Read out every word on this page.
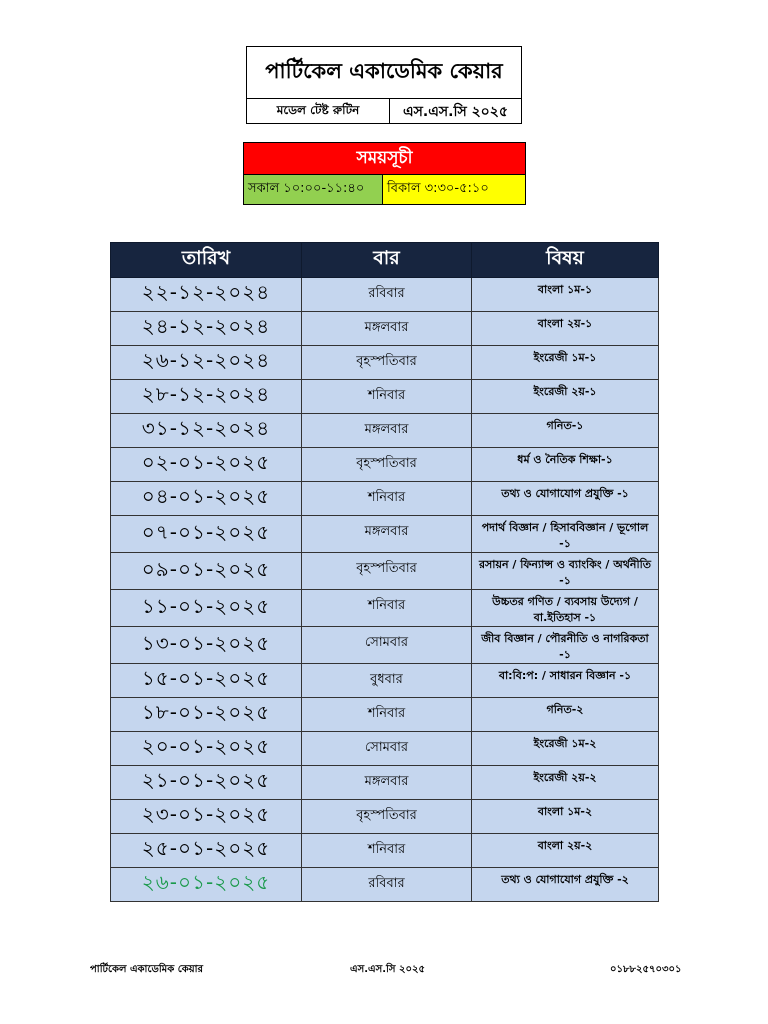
পার্টিকেল একাডেমিক কেয়ার
মডেল টেষ্ট রুটিন	এস.এস.সি ২০২৫
সময়সূচী
সকাল ১০:০০-১১:৪০	বিকাল ৩:৩০-৫:১০
তারিখ	বার	বিষয়
২২-১২-২০২৪	রবিবার	বাংলা ১ম-১
২৪-১২-২০২৪	মঙ্গলবার	বাংলা ২য়-১
২৬-১২-২০২৪	বৃহস্পতিবার	ইংরেজী ১ম-১
২৮-১২-২০২৪	শনিবার	ইংরেজী ২য়-১
৩১-১২-২০২৪	মঙ্গলবার	গনিত-১
০২-০১-২০২৫	বৃহস্পতিবার	ধর্ম ও নৈতিক শিক্ষা-১
০৪-০১-২০২৫	শনিবার	তথ্য ও যোগাযোগ প্রযুক্তি -১
০৭-০১-২০২৫	মঙ্গলবার	পদার্থ বিজ্ঞান / হিসাববিজ্ঞান / ভূগোল -১
০৯-০১-২০২৫	বৃহস্পতিবার	রসায়ন / ফিন্যান্স ও ব্যাংকিং / অর্থনীতি -১
১১-০১-২০২৫	শনিবার	উচ্চতর গণিত / ব্যবসায় উদ্যেগ / বা.ইতিহাস -১
১৩-০১-২০২৫	সোমবার	জীব বিজ্ঞান / পৌরনীতি ও নাগরিকতা -১
১৫-০১-২০২৫	বুধবার	বা:বি:প: / সাধারন বিজ্ঞান -১
১৮-০১-২০২৫	শনিবার	গনিত-২
২০-০১-২০২৫	সোমবার	ইংরেজী ১ম-২
২১-০১-২০২৫	মঙ্গলবার	ইংরেজী ২য়-২
২৩-০১-২০২৫	বৃহস্পতিবার	বাংলা ১ম-২
২৫-০১-২০২৫	শনিবার	বাংলা ২য়-২
২৬-০১-২০২৫	রবিবার	তথ্য ও যোগাযোগ প্রযুক্তি -২
পার্টিকেল একাডেমিক কেয়ার	এস.এস.সি ২০২৫	০১৮৮২৫৭০৩০১
